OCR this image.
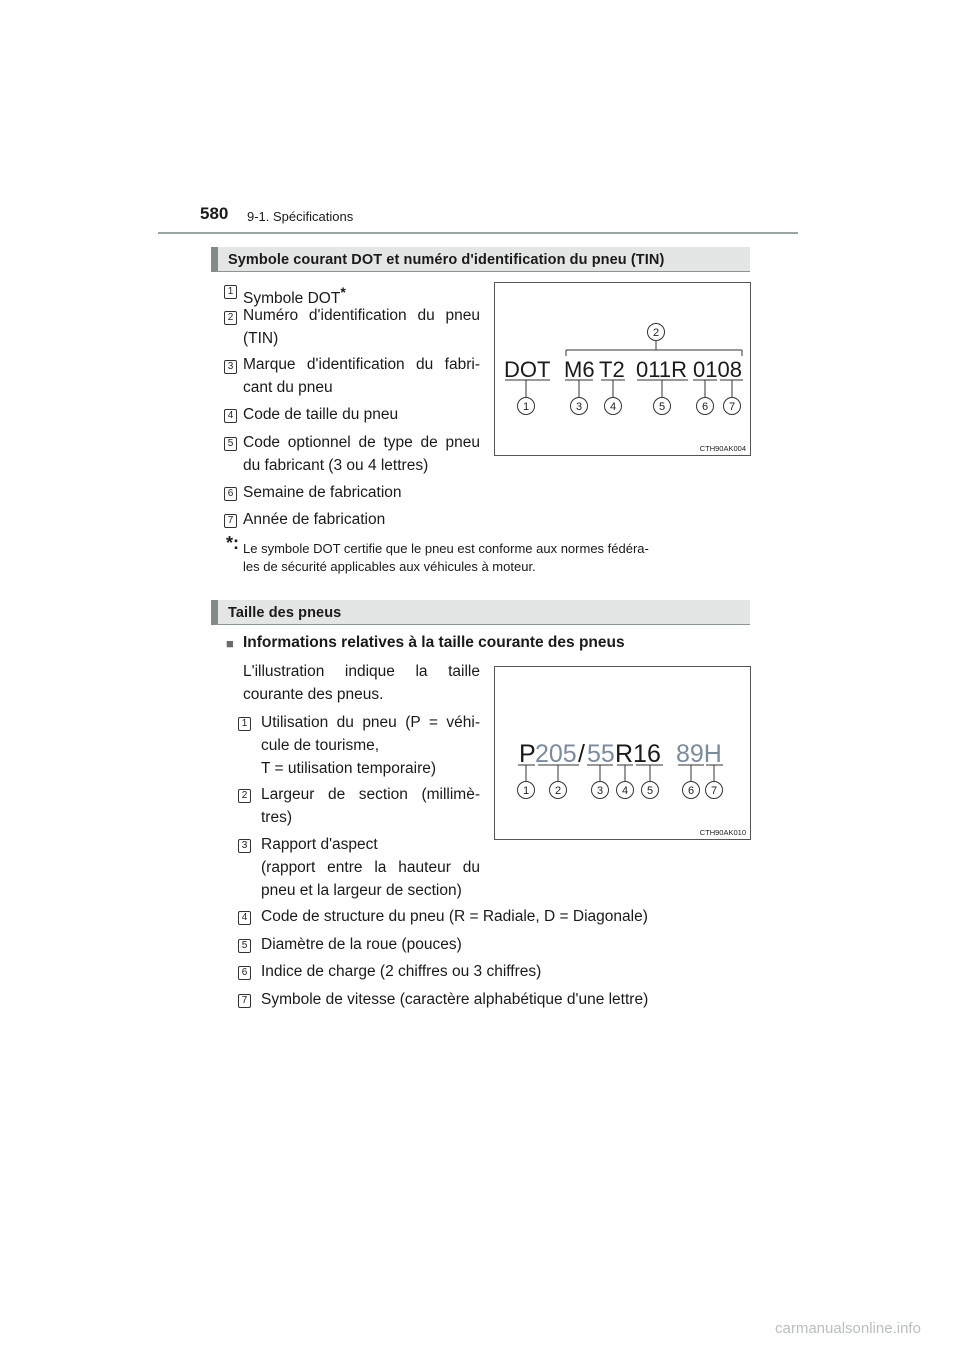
580 9-1. Spécifications
Symbole courant DOT et numéro d'identification du pneu (TIN)
1 Symbole DOT*
2 Numéro d'identification du pneu
(TIN)
3 Marque d'identification du fabri-
cant du pneu
4 Code de taille du pneu
5 Code optionnel de type de pneu
du fabricant (3 ou 4 lettres)
6 Semaine de fabrication
7 Année de fabrication
*: Le symbole DOT certifie que le pneu est conforme aux normes fédéra-
les de sécurité applicables aux véhicules à moteur.
DOT M6 T2 011R 0108
2
1	3	4	5	6 7
CTH90AK004
Taille des pneus
■ Informations relatives à la taille courante des pneus
L'illustration indique la taille
courante des pneus.
1 Utilisation du pneu (P = véhi-
cule de tourisme,
T = utilisation temporaire)
2 Largeur de section (millimè-
tres)
3 Rapport d'aspect
(rapport entre la hauteur du
pneu et la largeur de section)
4 Code de structure du pneu (R = Radiale, D = Diagonale)
5 Diamètre de la roue (pouces)
6 Indice de charge (2 chiffres ou 3 chiffres)
7 Symbole de vitesse (caractère alphabétique d'une lettre)
P 205 / 55 R16 89H
1 2	3 4 5	6 7
CTH90AK010
carmanualsonline.info
